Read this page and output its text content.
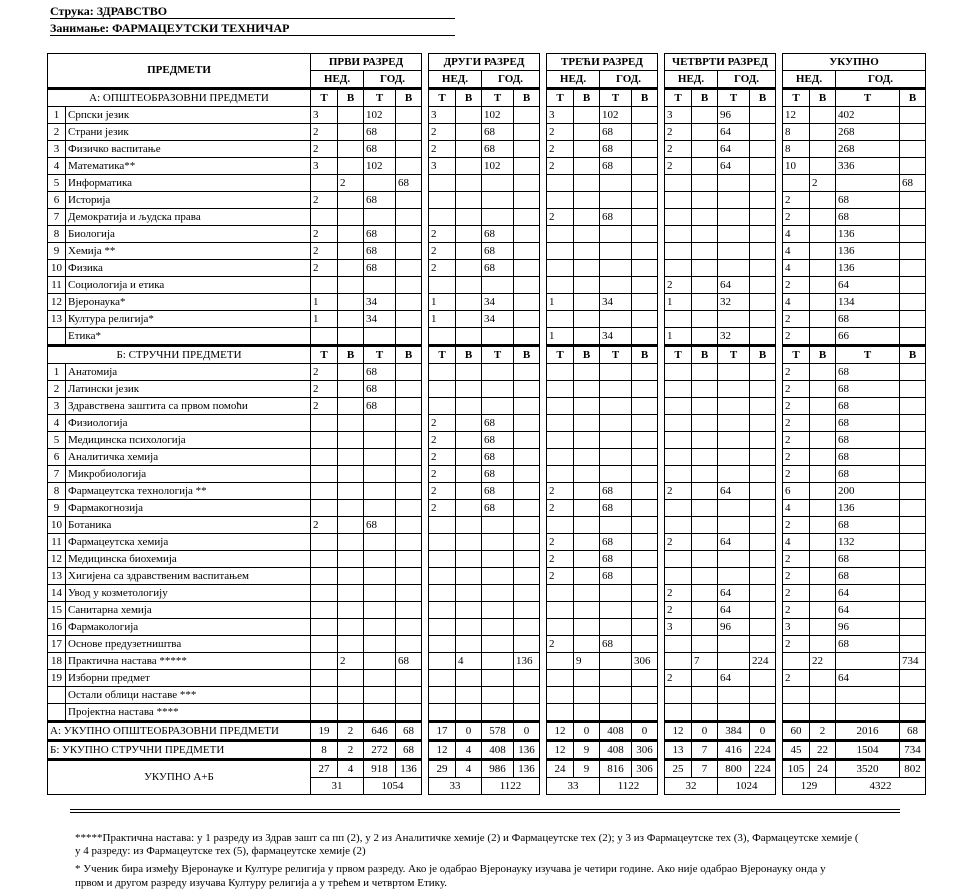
Струка: ЗДРАВСТВО
Занимање: ФАРМАЦЕУТСКИ ТЕХНИЧАР
ПРЕДМЕТИ		ПРВИ РАЗРЕД					ДРУГИ РАЗРЕД					ТРЕЋИ РАЗРЕД					ЧЕТВРТИ РАЗРЕД					УКУПНО			
		НЕД.		ГОД.			НЕД.		ГОД.			НЕД.		ГОД.			НЕД.		ГОД.			НЕД.		ГОД.	
А: ОПШТЕОБРАЗОВНИ ПРЕДМЕТИ		Т	В	Т	В		Т	В	Т	В		Т	В	Т	В		Т	В	Т	В		Т	В	Т	В
1	Српски језик	3		102			3		102			3		102			3		96			12		402	
2	Страни језик	2		68			2		68			2		68			2		64			8		268	
3	Физичко васпитање	2		68			2		68			2		68			2		64			8		268	
4	Математика**	3		102			3		102			2		68			2		64			10		336	
5	Информатика		2		68																		2		68
6	Историја	2		68																		2		68	
7	Демократија и људска права											2		68								2		68	
8	Биологија	2		68			2		68													4		136	
9	Хемија **	2		68			2		68													4		136	
10	Физика	2		68			2		68													4		136	
11	Социологија и етика																2		64			2		64	
12	Вјеронаука*	1		34			1		34			1		34			1		32			4		134	
13	Култура религија*	1		34			1		34													2		68	
	Етика*											1		34			1		32			2		66	
Б: СТРУЧНИ ПРЕДМЕТИ		Т	В	Т	В		Т	В	Т	В		Т	В	Т	В		Т	В	Т	В		Т	В	Т	В
1	Анатомија	2		68																		2		68	
2	Латински језик	2		68																		2		68	
3	Здравствена заштита са првом помоћи	2		68																		2		68	
4	Физиологија						2		68													2		68	
5	Медицинска психологија						2		68													2		68	
6	Аналитичка хемија						2		68													2		68	
7	Микробиологија						2		68													2		68	
8	Фармацеутска технологија **						2		68			2		68			2		64			6		200	
9	Фармакогнозија						2		68			2		68								4		136	
10	Ботаника	2		68																		2		68	
11	Фармацеутска хемија											2		68			2		64			4		132	
12	Медицинска биохемија											2		68								2		68	
13	Хигијена са здравственим васпитањем											2		68								2		68	
14	Увод у козметологију																2		64			2		64	
15	Санитарна хемија																2		64			2		64	
16	Фармакологија																3		96			3		96	
17	Основе предузетништва											2		68								2		68	
18	Практична настава *****		2		68			4		136			9		306			7		224			22		734
19	Изборни предмет																2		64			2		64	
	Остали облици наставе ***																								
	Пројектна настава ****																								
А: УКУПНО ОПШТЕОБРАЗОВНИ ПРЕДМЕТИ		19	2	646	68		17	0	578	0		12	0	408	0		12	0	384	0		60	2	2016	68
Б: УКУПНО СТРУЧНИ ПРЕДМЕТИ		8	2	272	68		12	4	408	136		12	9	408	306		13	7	416	224		45	22	1504	734
УКУПНО А+Б		27	4	918	136		29	4	986	136		24	9	816	306		25	7	800	224		105	24	3520	802
		31		1054			33		1122			33		1122			32		1024			129		4322	
*****Практична настава: у 1 разреду из Здрав зашт са пп (2), у 2 из Аналитичке хемије (2) и Фармацеутске тех (2); у 3 из Фармацеутске тех (3), Фармацеутске хемије (
у 4 разреду: из Фармацеутске тех (5), фармацеутске хемије (2)
* Ученик бира између Вјеронауке и Културе религија у првом разреду. Ако је одабрао Вјеронауку изучава је четири године. Ако није одабрао Вјеронауку онда у
првом и другом разреду изучава Културу религија а у трећем и четвртом Етику.
